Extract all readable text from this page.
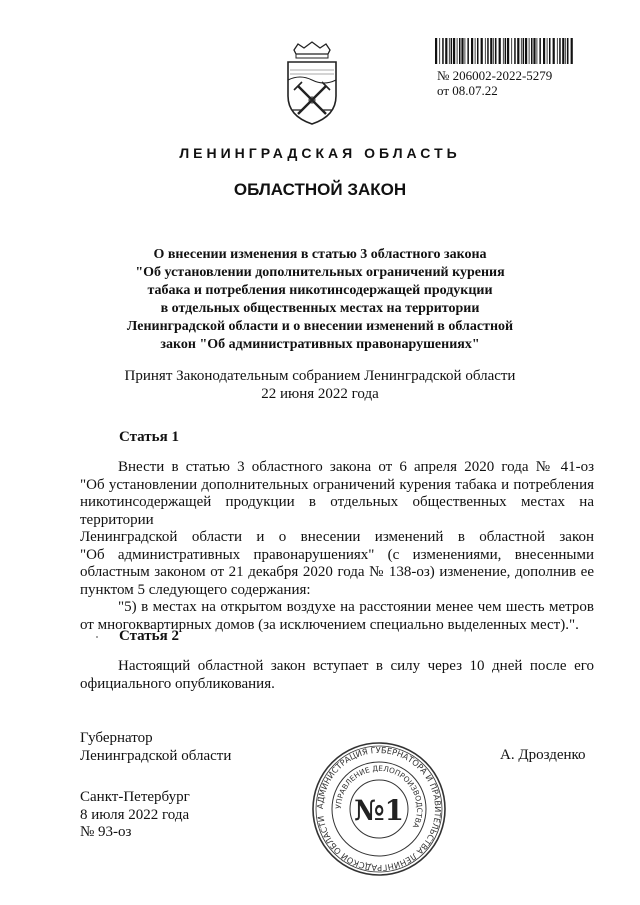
№ 206002-2022-5279
от 08.07.22
ЛЕНИНГРАДСКАЯ ОБЛАСТЬ
ОБЛАСТНОЙ ЗАКОН
О внесении изменения в статью 3 областного закона
"Об установлении дополнительных ограничений курения
табака и потребления никотинсодержащей продукции
в отдельных общественных местах на территории
Ленинградской области и о внесении изменений в областной
закон "Об административных правонарушениях"
Принят Законодательным собранием Ленинградской области
22 июня 2022 года
Статья 1
Внести в статью 3 областного закона от 6 апреля 2020 года № 41-оз
"Об установлении дополнительных ограничений курения табака и потребления
никотинсодержащей продукции в отдельных общественных местах на территории
Ленинградской области и о внесении изменений в областной закон
"Об административных правонарушениях" (с изменениями, внесенными
областным законом от 21 декабря 2020 года № 138-оз) изменение, дополнив ее
пунктом 5 следующего содержания:
"5) в местах на открытом воздухе на расстоянии менее чем шесть метров
от многоквартирных домов (за исключением специально выделенных мест).".
Статья 2
Настоящий областной закон вступает в силу через 10 дней после его
официального опубликования.
Губернатор
Ленинградской области
АДМИНИСТРАЦИЯ ГУБЕРНАТОРА И ПРАВИТЕЛЬСТВА ЛЕНИНГРАДСКОЙ ОБЛАСТИ
УПРАВЛЕНИЕ ДЕЛОПРОИЗВОДСТВА
№1
А. Дрозденко
Санкт-Петербург
8 июля 2022 года
№ 93-оз
